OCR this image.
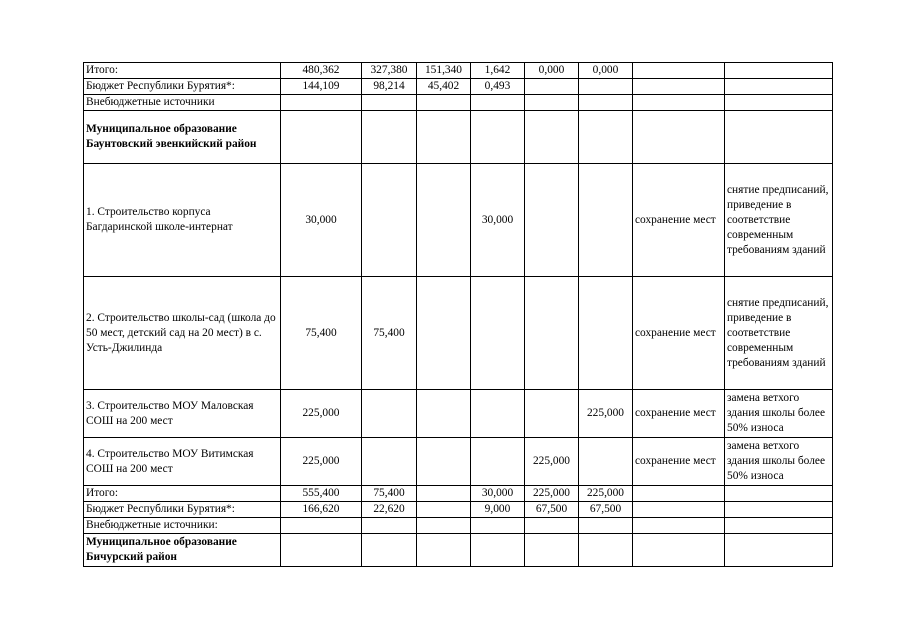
Итого:	480,362	327,380	151,340	1,642	0,000	0,000		
Бюджет Республики Бурятия*:	144,109	98,214	45,402	0,493				
Внебюджетные источники								
Муниципальное образование Баунтовский эвенкийский район								
1. Строительство корпуса Багдаринской школе-интернат	30,000			30,000			сохранение мест	снятие предписаний, приведение в соответствие современным требованиям зданий
2. Строительство школы-сад (школа до 50 мест, детский сад на 20 мест) в с. Усть-Джилинда	75,400	75,400					сохранение мест	снятие предписаний, приведение в соответствие современным требованиям зданий
3. Строительство МОУ Маловская СОШ на 200 мест	225,000					225,000	сохранение мест	замена ветхого здания школы более 50% износа
4. Строительство МОУ Витимская СОШ на 200 мест	225,000				225,000		сохранение мест	замена ветхого здания школы более 50% износа
Итого:	555,400	75,400		30,000	225,000	225,000		
Бюджет Республики Бурятия*:	166,620	22,620		9,000	67,500	67,500		
Внебюджетные источники:								
Муниципальное образование Бичурский район								
